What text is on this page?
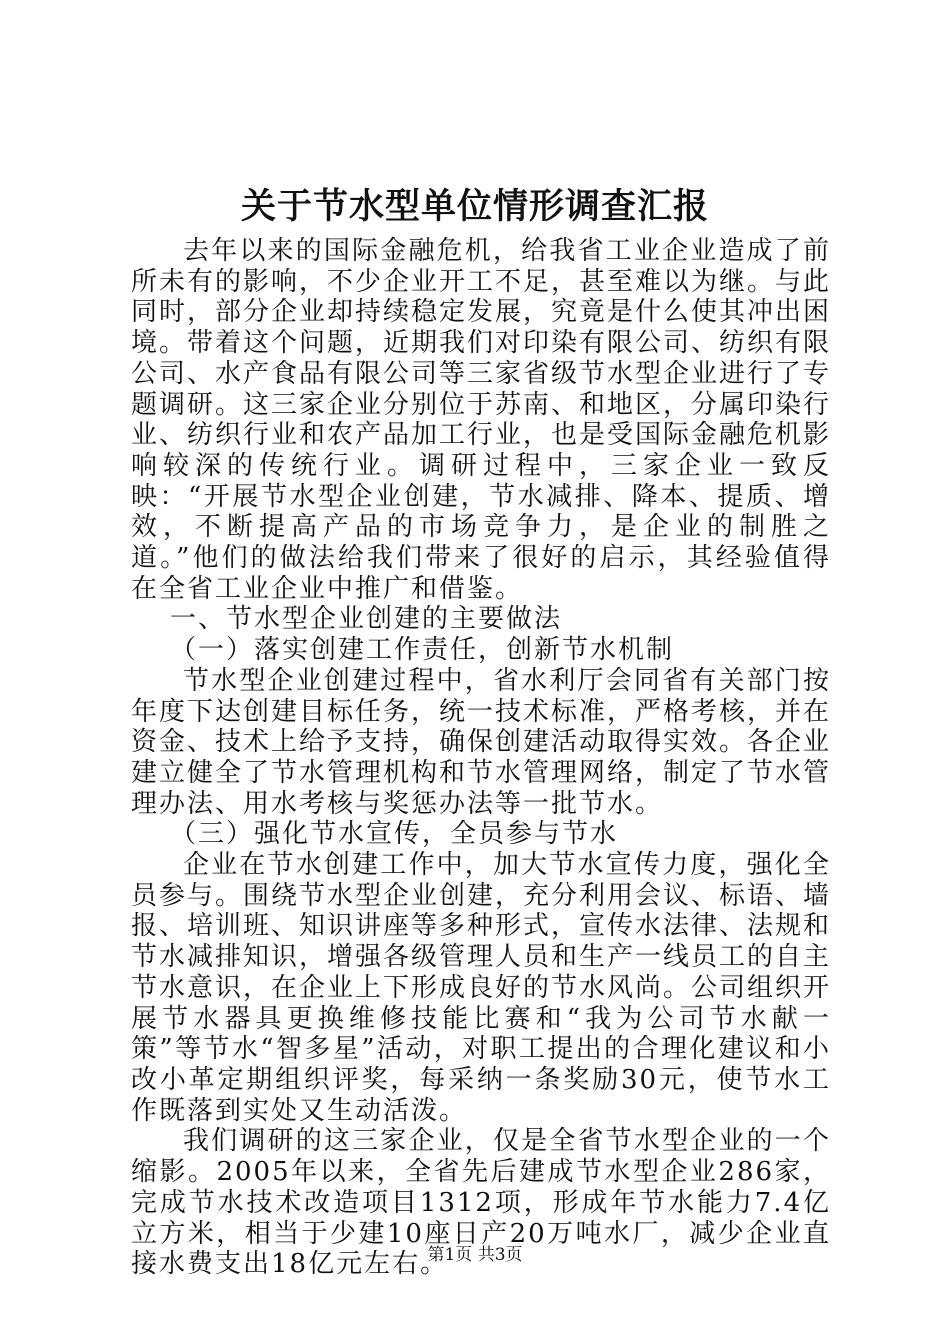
关于节水型单位情形调查汇报

去年以来的国际金融危机，给我省工业企业造成了前所未有的影响，不少企业开工不足，甚至难以为继。与此同时，部分企业却持续稳定发展，究竟是什么使其冲出困境。带着这个问题，近期我们对印染有限公司、纺织有限公司、水产食品有限公司等三家省级节水型企业进行了专题调研。这三家企业分别位于苏南、和地区，分属印染行业、纺织行业和农产品加工行业，也是受国际金融危机影响较深的传统行业。调研过程中，三家企业一致反映：“开展节水型企业创建，节水减排、降本、提质、增效，不断提高产品的市场竞争力，是企业的制胜之道。”他们的做法给我们带来了很好的启示，其经验值得在全省工业企业中推广和借鉴。

一、节水型企业创建的主要做法

（一）落实创建工作责任，创新节水机制

节水型企业创建过程中，省水利厅会同省有关部门按年度下达创建目标任务，统一技术标准，严格考核，并在资金、技术上给予支持，确保创建活动取得实效。各企业建立健全了节水管理机构和节水管理网络，制定了节水管理办法、用水考核与奖惩办法等一批节水。

（三）强化节水宣传，全员参与节水

企业在节水创建工作中，加大节水宣传力度，强化全员参与。围绕节水型企业创建，充分利用会议、标语、墙报、培训班、知识讲座等多种形式，宣传水法律、法规和节水减排知识，增强各级管理人员和生产一线员工的自主节水意识，在企业上下形成良好的节水风尚。公司组织开展节水器具更换维修技能比赛和“我为公司节水献一策”等节水“智多星”活动，对职工提出的合理化建议和小改小革定期组织评奖，每采纳一条奖励30元，使节水工作既落到实处又生动活泼。

我们调研的这三家企业，仅是全省节水型企业的一个缩影。2005年以来，全省先后建成节水型企业286家，完成节水技术改造项目1312项，形成年节水能力7.4亿立方米，相当于少建10座日产20万吨水厂，减少企业直接水费支出18亿元左右。

第1页 共3页
